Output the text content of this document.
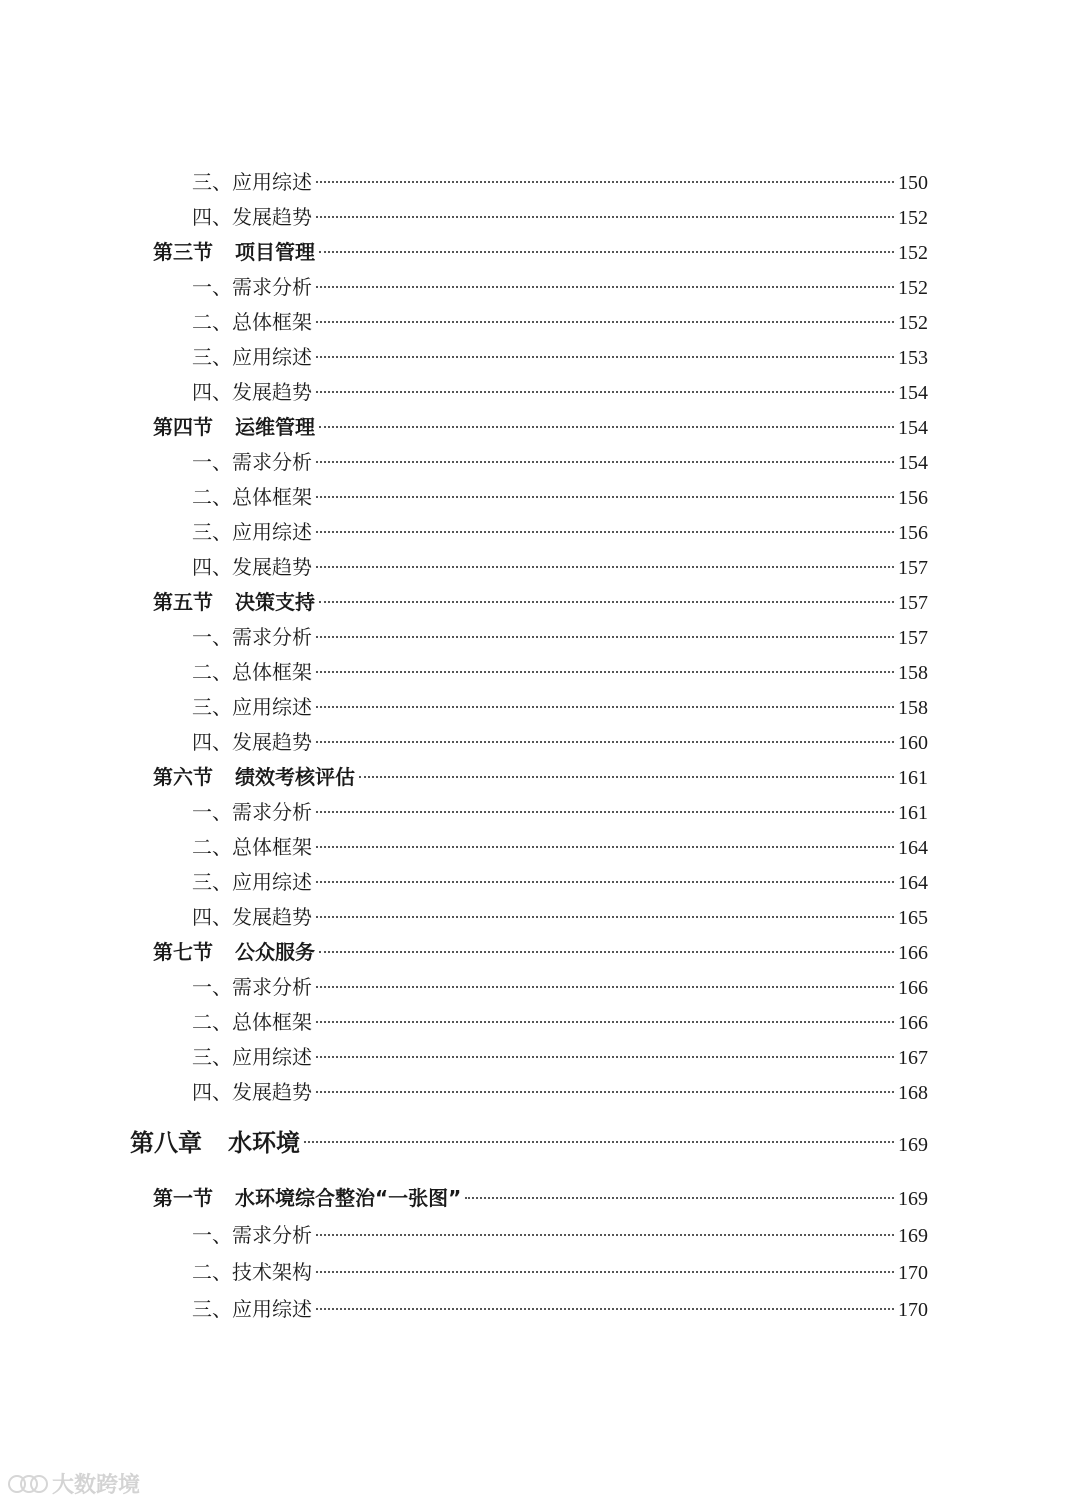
三、应用综述	150
四、发展趋势	152
第三节 项目管理	152
一、需求分析	152
二、总体框架	152
三、应用综述	153
四、发展趋势	154
第四节 运维管理	154
一、需求分析	154
二、总体框架	156
三、应用综述	156
四、发展趋势	157
第五节 决策支持	157
一、需求分析	157
二、总体框架	158
三、应用综述	158
四、发展趋势	160
第六节 绩效考核评估	161
一、需求分析	161
二、总体框架	164
三、应用综述	164
四、发展趋势	165
第七节 公众服务	166
一、需求分析	166
二、总体框架	166
三、应用综述	167
四、发展趋势	168
第八章 水环境	169
第一节 水环境综合整治“一张图”	169
一、需求分析	169
二、技术架构	170
三、应用综述	170
大数跨境
